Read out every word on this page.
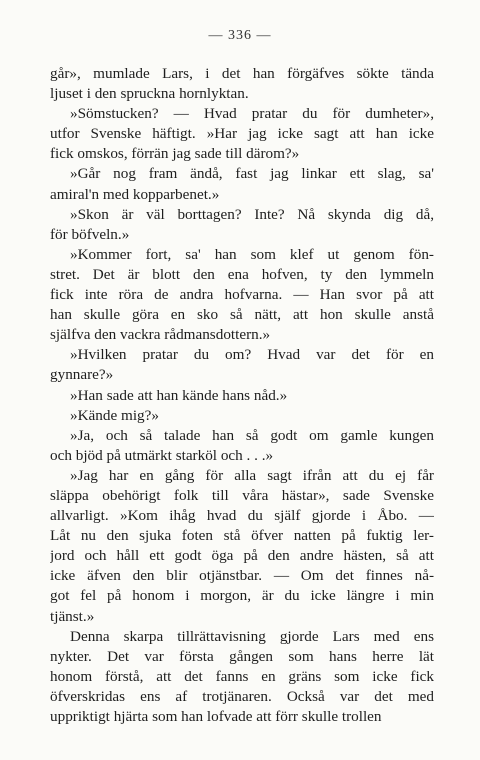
— 336 —
går», mumlade Lars, i det han förgäfves sökte tända
ljuset i den spruckna hornlyktan.
»Sömstucken? — Hvad pratar du för dumheter»,
utfor Svenske häftigt. »Har jag icke sagt att han icke
fick omskos, förrän jag sade till därom?»
»Går nog fram ändå, fast jag linkar ett slag, sa'
amiral'n med kopparbenet.»
»Skon är väl borttagen? Inte? Nå skynda dig då,
för böfveln.»
»Kommer fort, sa' han som klef ut genom fön-
stret. Det är blott den ena hofven, ty den lymmeln
fick inte röra de andra hofvarna. — Han svor på att
han skulle göra en sko så nätt, att hon skulle anstå
själfva den vackra rådmansdottern.»
»Hvilken pratar du om? Hvad var det för en
gynnare?»
»Han sade att han kände hans nåd.»
»Kände mig?»
»Ja, och så talade han så godt om gamle kungen
och bjöd på utmärkt starköl och . . .»
»Jag har en gång för alla sagt ifrån att du ej får
släppa obehörigt folk till våra hästar», sade Svenske
allvarligt. »Kom ihåg hvad du själf gjorde i Åbo. —
Låt nu den sjuka foten stå öfver natten på fuktig ler-
jord och håll ett godt öga på den andre hästen, så att
icke äfven den blir otjänstbar. — Om det finnes nå-
got fel på honom i morgon, är du icke längre i min
tjänst.»
Denna skarpa tillrättavisning gjorde Lars med ens
nykter. Det var första gången som hans herre lät
honom förstå, att det fanns en gräns som icke fick
öfverskridas ens af trotjänaren. Också var det med
uppriktigt hjärta som han lofvade att förr skulle trollen
